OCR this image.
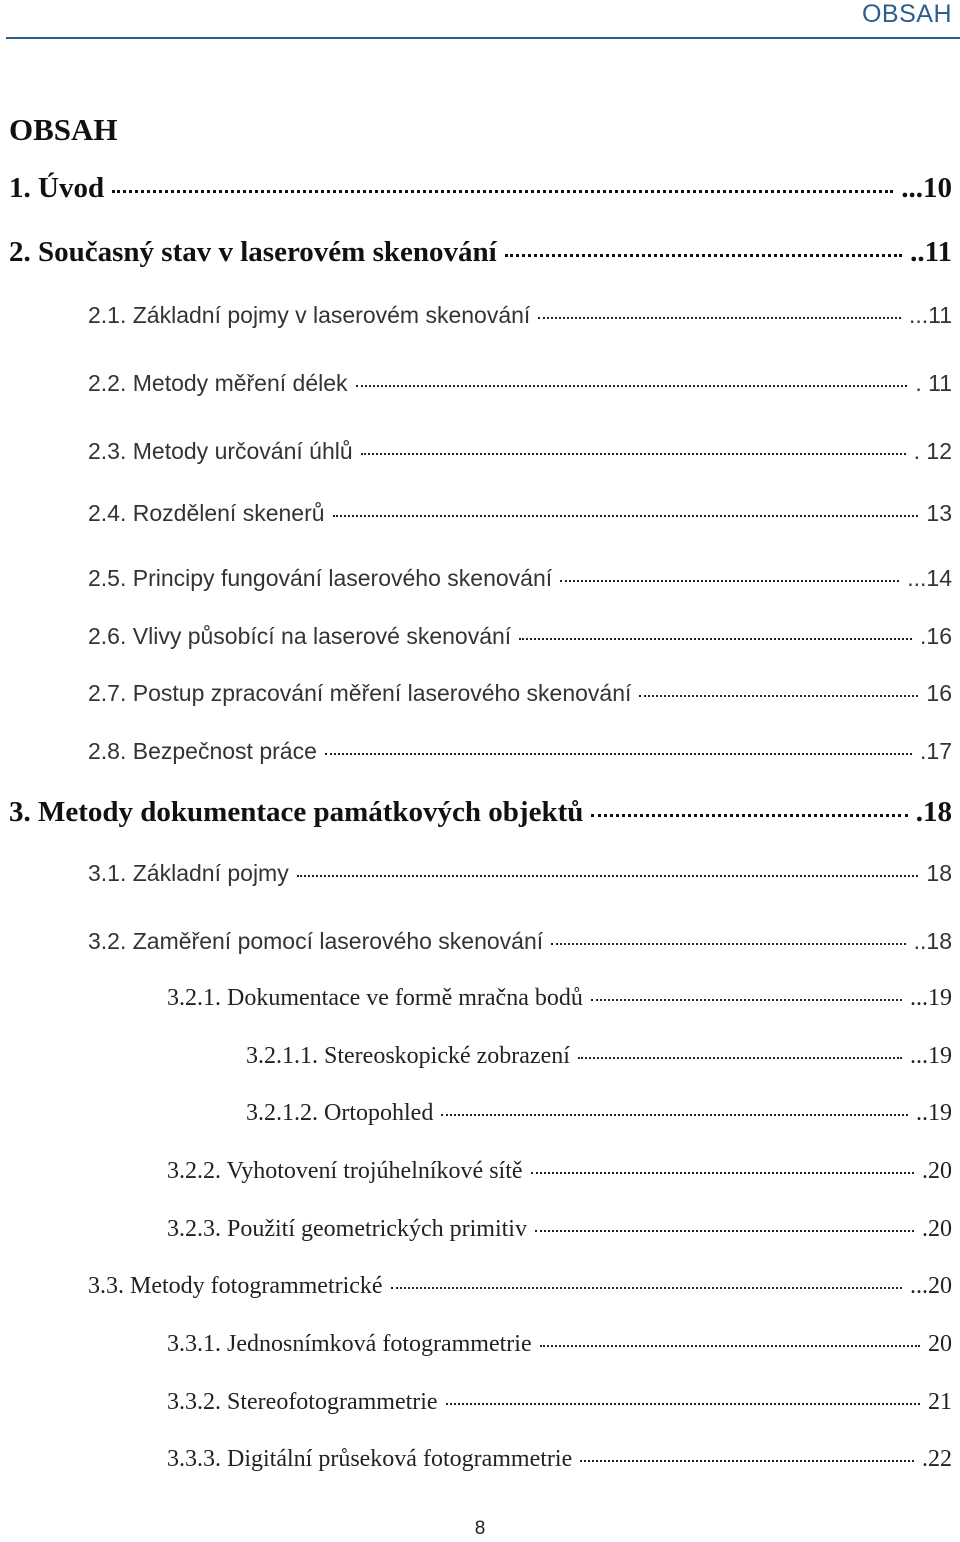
OBSAH
OBSAH
1. Úvod	...10
2. Současný stav v laserovém skenování	..11
2.1. Základní pojmy v laserovém skenování	...11
2.2. Metody měření délek	. 11
2.3. Metody určování úhlů	. 12
2.4. Rozdělení skenerů	13
2.5. Principy fungování laserového skenování	...14
2.6. Vlivy působící na laserové skenování	.16
2.7. Postup zpracování měření laserového skenování	16
2.8. Bezpečnost práce	.17
3. Metody dokumentace památkových objektů	.18
3.1. Základní pojmy	18
3.2. Zaměření pomocí laserového skenování	..18
3.2.1. Dokumentace ve formě mračna bodů	...19
3.2.1.1. Stereoskopické zobrazení	...19
3.2.1.2. Ortopohled	..19
3.2.2. Vyhotovení trojúhelníkové sítě	.20
3.2.3. Použití geometrických primitiv	.20
3.3. Metody fotogrammetrické	...20
3.3.1. Jednosnímková fotogrammetrie	20
3.3.2. Stereofotogrammetrie	21
3.3.3. Digitální průseková fotogrammetrie	.22
8
